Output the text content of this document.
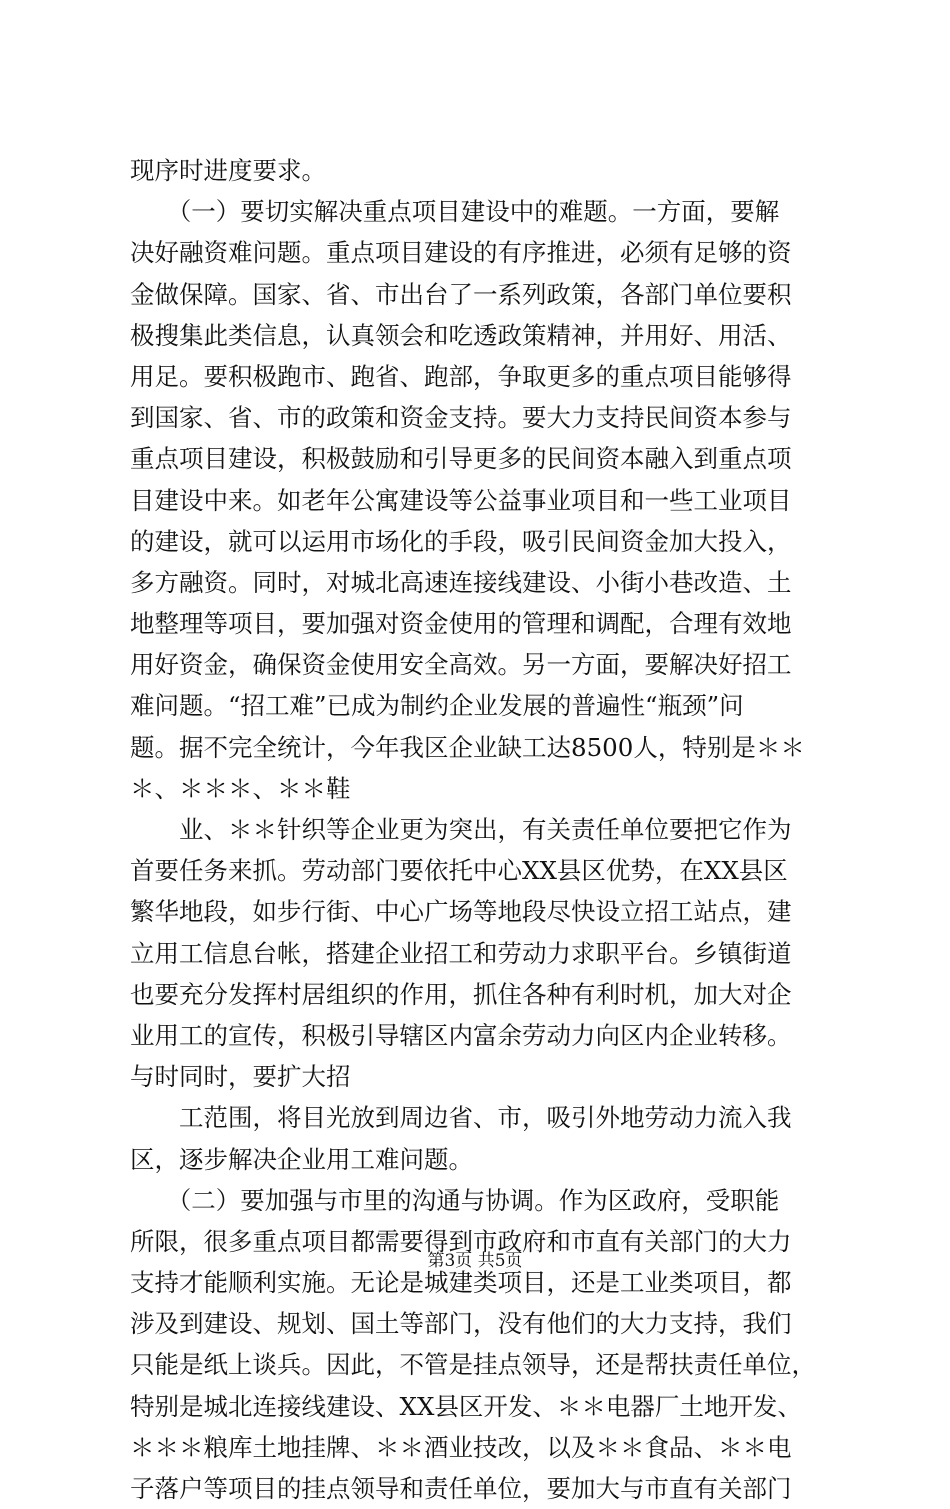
现序时进度要求。
　　（一）要切实解决重点项目建设中的难题。一方面，要解
决好融资难问题。重点项目建设的有序推进，必须有足够的资
金做保障。国家、省、市出台了一系列政策，各部门单位要积
极搜集此类信息，认真领会和吃透政策精神，并用好、用活、
用足。要积极跑市、跑省、跑部，争取更多的重点项目能够得
到国家、省、市的政策和资金支持。要大力支持民间资本参与
重点项目建设，积极鼓励和引导更多的民间资本融入到重点项
目建设中来。如老年公寓建设等公益事业项目和一些工业项目
的建设，就可以运用市场化的手段，吸引民间资金加大投入，
多方融资。同时，对城北高速连接线建设、小街小巷改造、土
地整理等项目，要加强对资金使用的管理和调配，合理有效地
用好资金，确保资金使用安全高效。另一方面，要解决好招工
难问题。“招工难”已成为制约企业发展的普遍性“瓶颈”问
题。据不完全统计，今年我区企业缺工达8500人，特别是＊＊
＊、＊＊＊、＊＊鞋
　　业、＊＊针织等企业更为突出，有关责任单位要把它作为
首要任务来抓。劳动部门要依托中心XX县区优势，在XX县区
繁华地段，如步行街、中心广场等地段尽快设立招工站点，建
立用工信息台帐，搭建企业招工和劳动力求职平台。乡镇街道
也要充分发挥村居组织的作用，抓住各种有利时机，加大对企
业用工的宣传，积极引导辖区内富余劳动力向区内企业转移。
与时同时，要扩大招
　　工范围，将目光放到周边省、市，吸引外地劳动力流入我
区，逐步解决企业用工难问题。
　　（二）要加强与市里的沟通与协调。作为区政府，受职能
所限，很多重点项目都需要得到市政府和市直有关部门的大力
支持才能顺利实施。无论是城建类项目，还是工业类项目，都
涉及到建设、规划、国土等部门，没有他们的大力支持，我们
只能是纸上谈兵。因此，不管是挂点领导，还是帮扶责任单位，
特别是城北连接线建设、XX县区开发、＊＊电器厂土地开发、
＊＊＊粮库土地挂牌、＊＊酒业技改，以及＊＊食品、＊＊电
子落户等项目的挂点领导和责任单位，要加大与市直有关部门
第3页 共5页
